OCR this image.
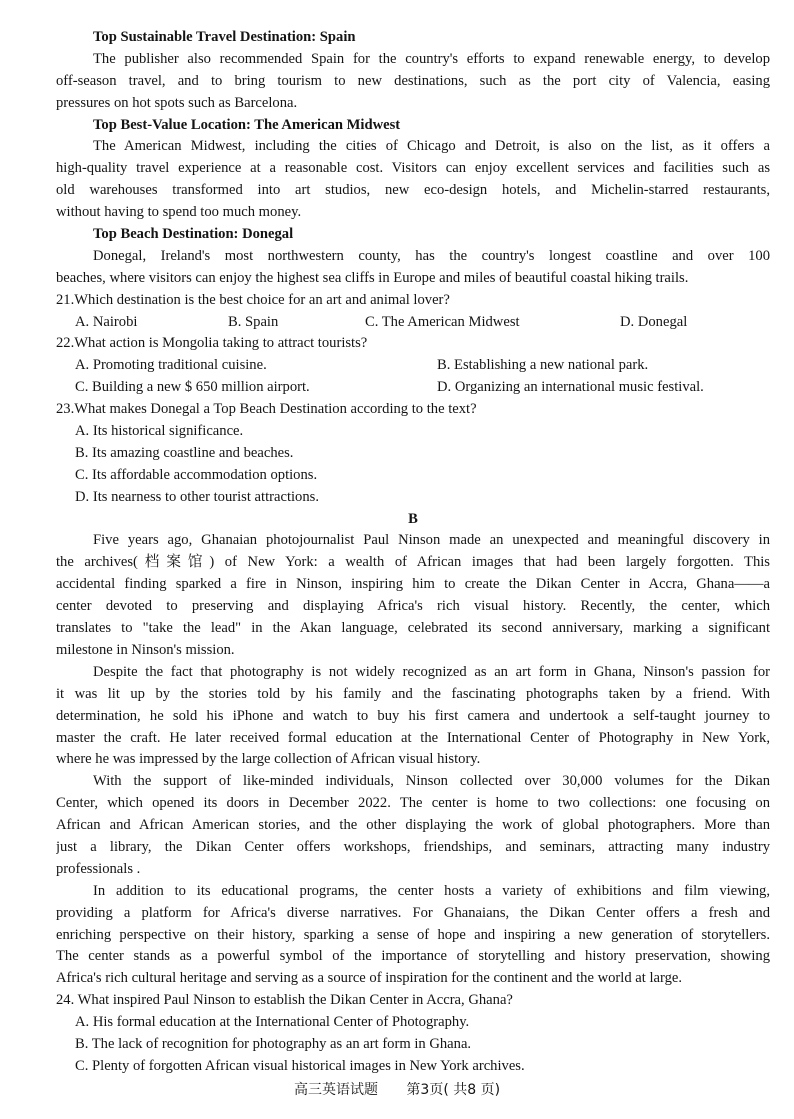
Top Sustainable Travel Destination: Spain
The publisher also recommended Spain for the country's efforts to expand renewable energy, to develop
off-season travel, and to bring tourism to new destinations, such as the port city of Valencia, easing
pressures on hot spots such as Barcelona.
Top Best-Value Location: The American Midwest
The American Midwest, including the cities of Chicago and Detroit, is also on the list, as it offers a
high-quality travel experience at a reasonable cost. Visitors can enjoy excellent services and facilities such as
old warehouses transformed into art studios, new eco-design hotels, and Michelin-starred restaurants,
without having to spend too much money.
Top Beach Destination: Donegal
Donegal, Ireland's most northwestern county, has the country's longest coastline and over 100
beaches, where visitors can enjoy the highest sea cliffs in Europe and miles of beautiful coastal hiking trails.
21.Which destination is the best choice for an art and animal lover?
A. Nairobi	B. Spain	C. The American Midwest	D. Donegal
22.What action is Mongolia taking to attract tourists?
A. Promoting traditional cuisine.	B. Establishing a new national park.
C. Building a new $ 650 million airport.	D. Organizing an international music festival.
23.What makes Donegal a Top Beach Destination according to the text?
A. Its historical significance.
B. Its amazing coastline and beaches.
C. Its affordable accommodation options.
D. Its nearness to other tourist attractions.
B
Five years ago, Ghanaian photojournalist Paul Ninson made an unexpected and meaningful discovery in
the archives(档案馆) of New York: a wealth of African images that had been largely forgotten. This
accidental finding sparked a fire in Ninson, inspiring him to create the Dikan Center in Accra, Ghana——a
center devoted to preserving and displaying Africa's rich visual history. Recently, the center, which
translates to "take the lead" in the Akan language, celebrated its second anniversary, marking a significant
milestone in Ninson's mission.
Despite the fact that photography is not widely recognized as an art form in Ghana, Ninson's passion for
it was lit up by the stories told by his family and the fascinating photographs taken by a friend. With
determination, he sold his iPhone and watch to buy his first camera and undertook a self-taught journey to
master the craft. He later received formal education at the International Center of Photography in New York,
where he was impressed by the large collection of African visual history.
With the support of like-minded individuals, Ninson collected over 30,000 volumes for the Dikan
Center, which opened its doors in December 2022. The center is home to two collections: one focusing on
African and African American stories, and the other displaying the work of global photographers. More than
just a library, the Dikan Center offers workshops, friendships, and seminars, attracting many industry
professionals .
In addition to its educational programs, the center hosts a variety of exhibitions and film viewing,
providing a platform for Africa's diverse narratives. For Ghanaians, the Dikan Center offers a fresh and
enriching perspective on their history, sparking a sense of hope and inspiring a new generation of storytellers.
The center stands as a powerful symbol of the importance of storytelling and history preservation, showing
Africa's rich cultural heritage and serving as a source of inspiration for the continent and the world at large.
24. What inspired Paul Ninson to establish the Dikan Center in Accra, Ghana?
A. His formal education at the International Center of Photography.
B. The lack of recognition for photography as an art form in Ghana.
C. Plenty of forgotten African visual historical images in New York archives.
高三英语试题 第3页( 共8 页)
